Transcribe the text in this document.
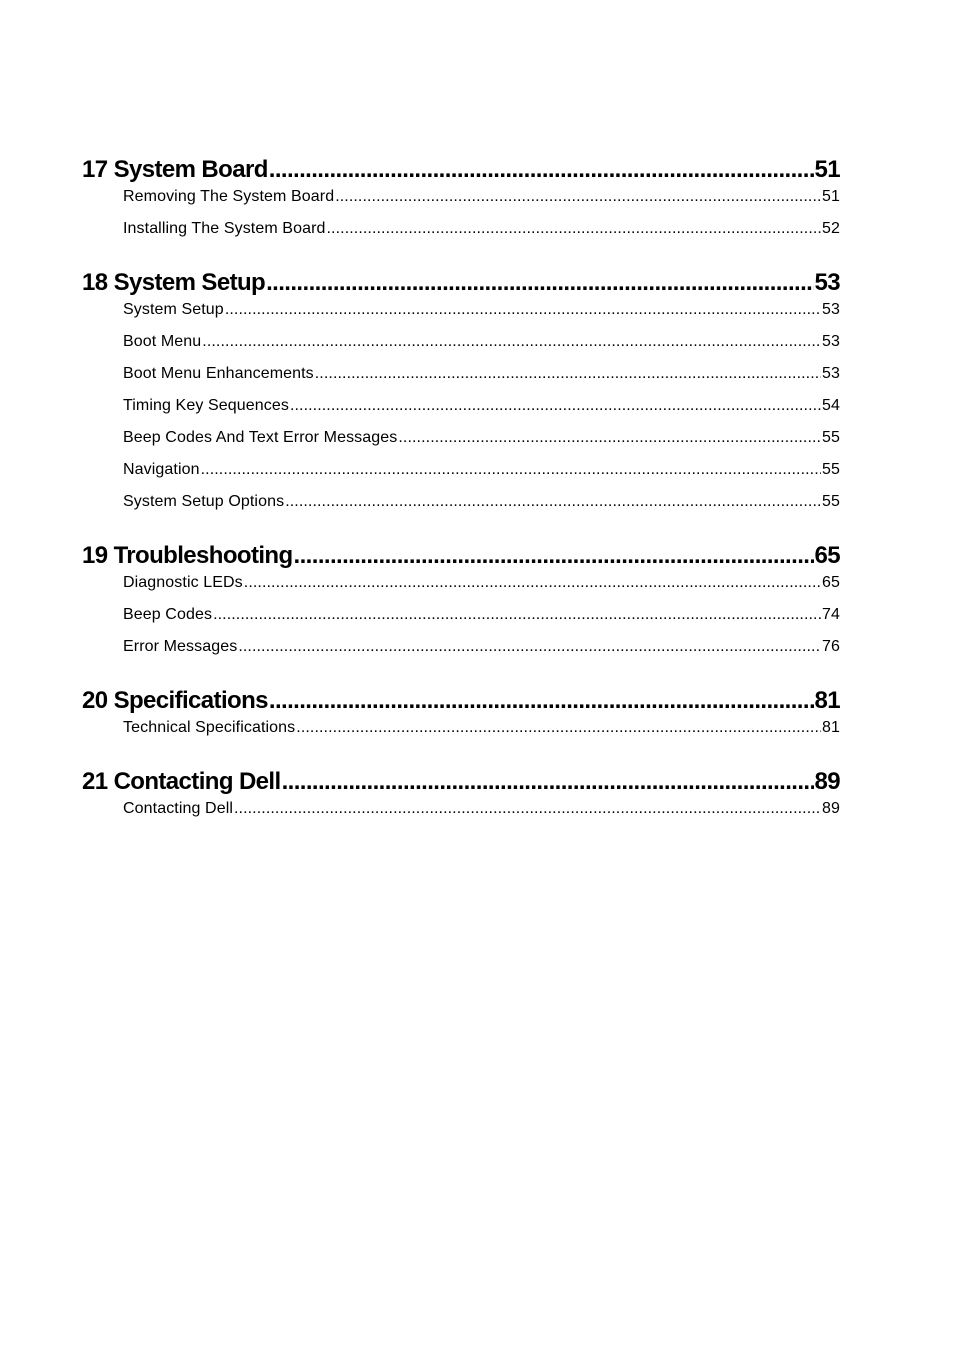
17 System Board .....	51
Removing The System Board .....	51
Installing The System Board .....	52
18 System Setup .....	53
System Setup .....	53
Boot Menu .....	53
Boot Menu Enhancements .....	53
Timing Key Sequences .....	54
Beep Codes And Text Error Messages .....	55
Navigation .....	55
System Setup Options .....	55
19 Troubleshooting .....	65
Diagnostic LEDs .....	65
Beep Codes .....	74
Error Messages .....	76
20 Specifications .....	81
Technical Specifications .....	81
21 Contacting Dell .....	89
Contacting Dell .....	89
